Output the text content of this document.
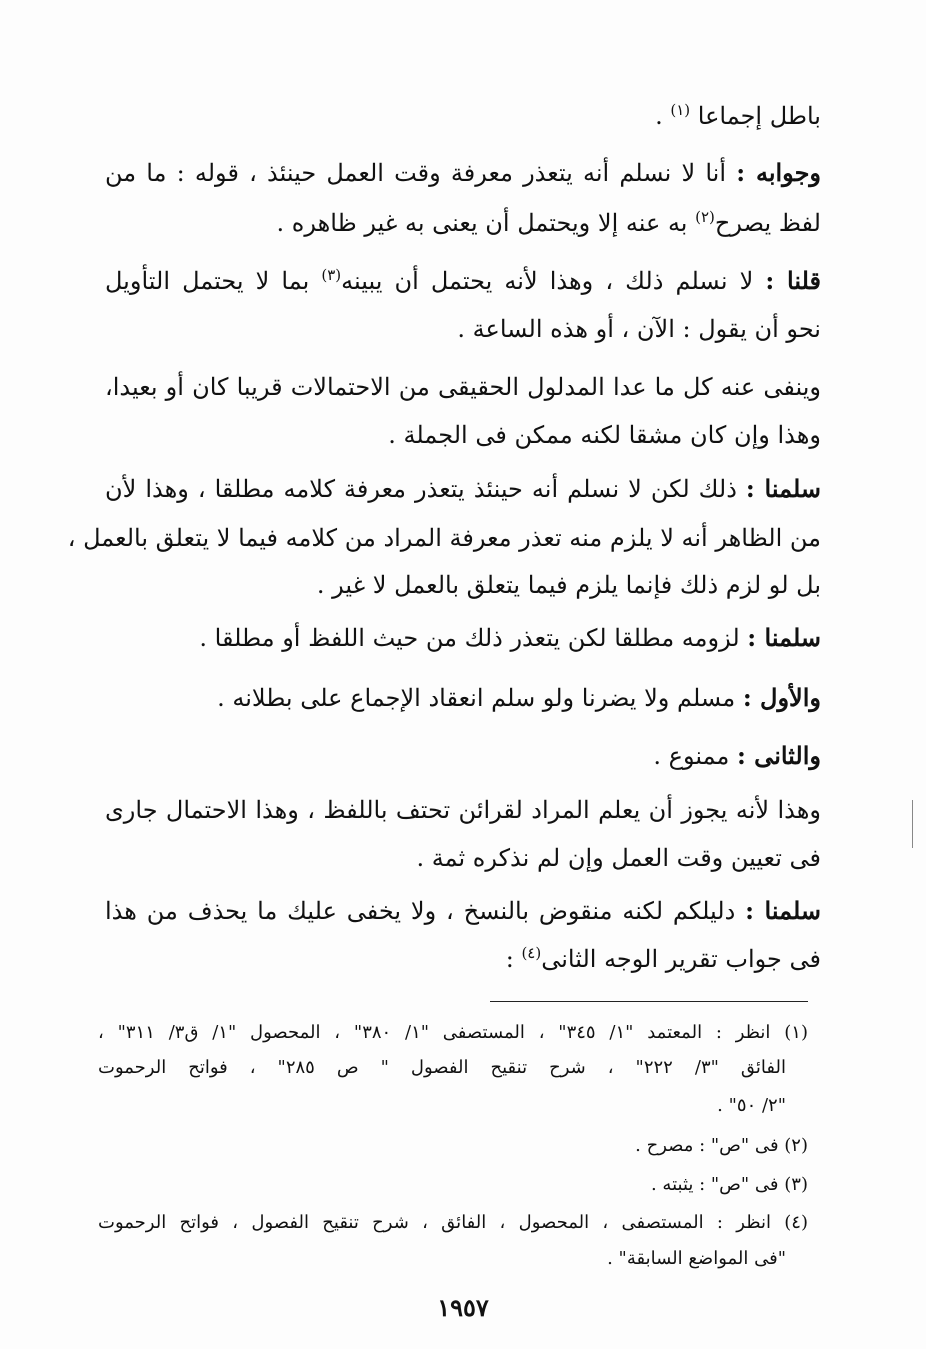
باطل إجماعا $^{(١)}$ .
وجوابه : أنا لا نسلم أنه يتعذر معرفة وقت العمل حينئذ ، قوله : ما من
لفظ يصرح$^{(٢)}$ به عنه إلا ويحتمل أن يعنى به غير ظاهره .
قلنا : لا نسلم ذلك ، وهذا لأنه يحتمل أن يبينه$^{(٣)}$ بما لا يحتمل التأويل
نحو أن يقول : الآن ، أو هذه الساعة .
وينفى عنه كل ما عدا المدلول الحقيقى من الاحتمالات قريبا كان أو بعيدا،
وهذا وإن كان مشقا لكنه ممكن فى الجملة .
سلمنا : ذلك لكن لا نسلم أنه حينئذ يتعذر معرفة كلامه مطلقا ، وهذا لأن
من الظاهر أنه لا يلزم منه تعذر معرفة المراد من كلامه فيما لا يتعلق بالعمل ،
بل لو لزم ذلك فإنما يلزم فيما يتعلق بالعمل لا غير .
سلمنا : لزومه مطلقا لكن يتعذر ذلك من حيث اللفظ أو مطلقا .
والأول : مسلم ولا يضرنا ولو سلم انعقاد الإجماع على بطلانه .
والثانى : ممنوع .
وهذا لأنه يجوز أن يعلم المراد لقرائن تحتف باللفظ ، وهذا الاحتمال جارى
فى تعيين وقت العمل وإن لم نذكره ثمة .
سلمنا : دليلكم لكنه منقوض بالنسخ ، ولا يخفى عليك ما يحذف من هذا
فى جواب تقرير الوجه الثانى$^{(٤)}$ :
(١) انظر : المعتمد "١/ ٣٤٥" ، المستصفى "١/ ٣٨٠" ، المحصول "١/ ق٣/ ٣١١" ،
الفائق "٣/ ٢٢٢" ، شرح تنقيح الفصول " ص ٢٨٥" ، فواتح الرحموت
"٢/ ٥٠" .
(٢) فى "ص" : مصرح .
(٣) فى "ص" : يثبته .
(٤) انظر : المستصفى ، المحصول ، الفائق ، شرح تنقيح الفصول ، فواتح الرحموت
"فى المواضع السابقة" .
١٩٥٧
